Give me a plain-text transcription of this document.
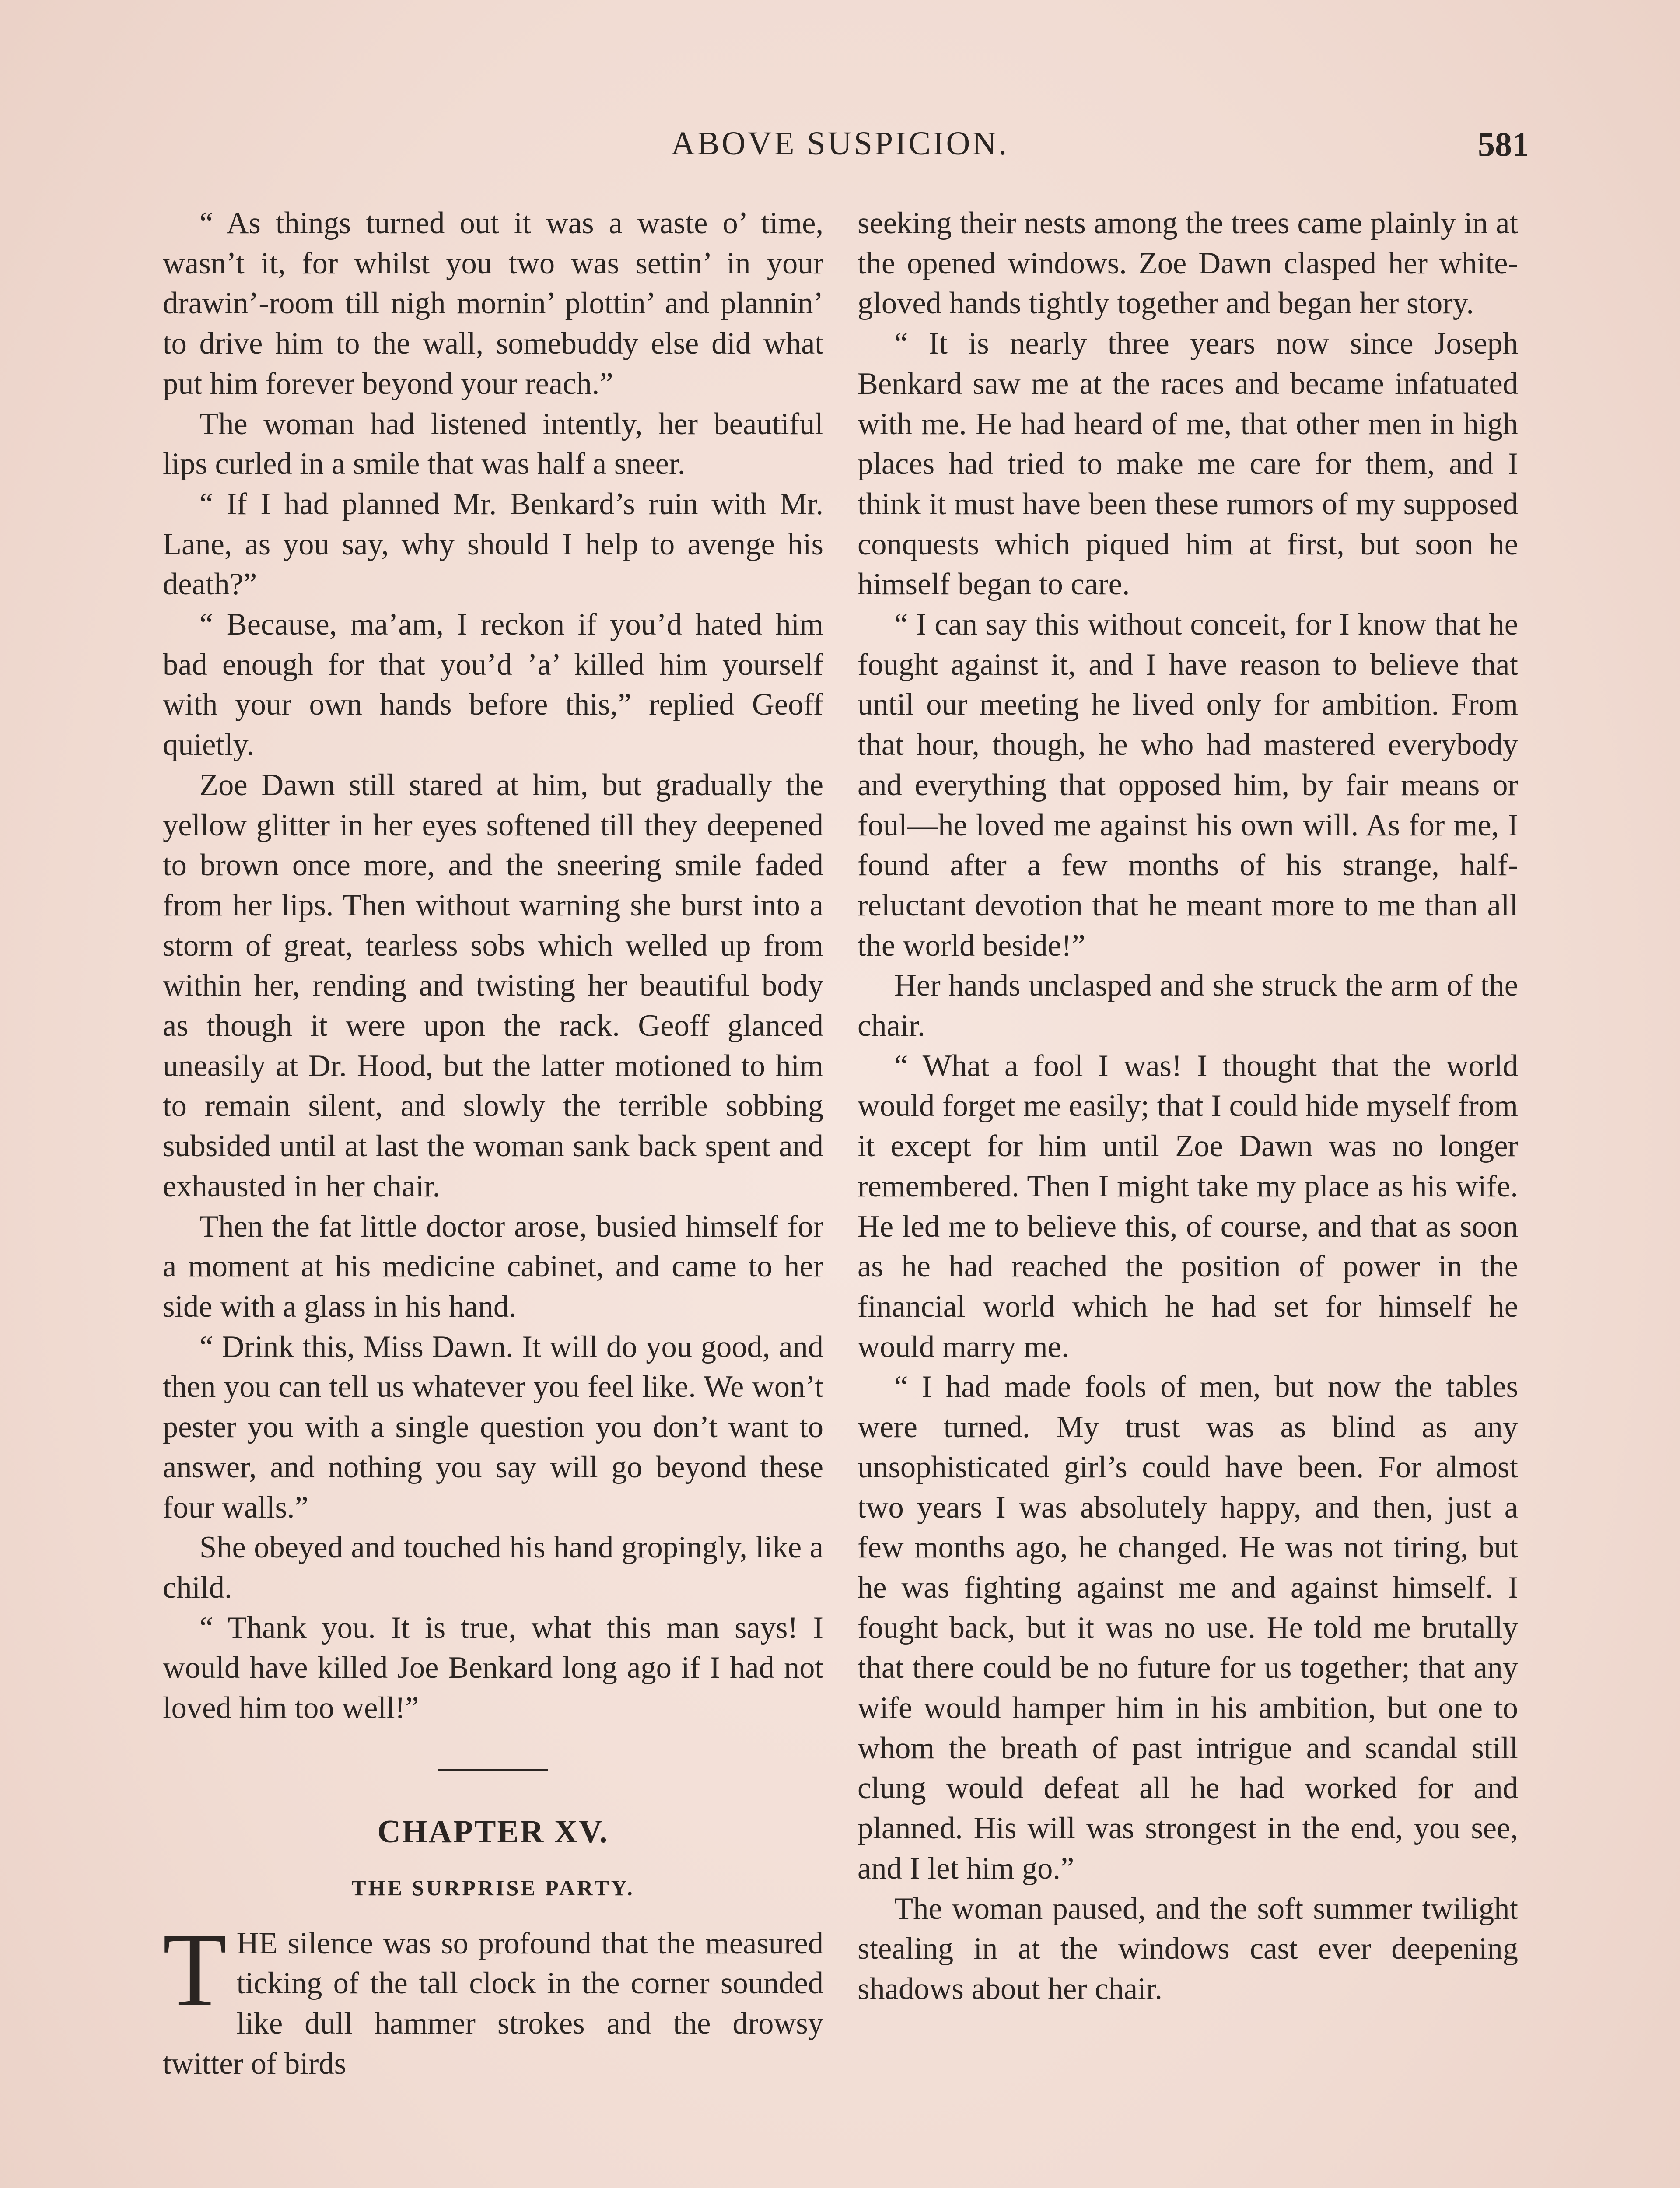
ABOVE SUSPICION.	581

“ As things turned out it was a waste o’ time, wasn’t it, for whilst you two was settin’ in your drawin’-room till nigh mornin’ plottin’ and plannin’ to drive him to the wall, somebuddy else did what put him forever beyond your reach.”

The woman had listened intently, her beautiful lips curled in a smile that was half a sneer.

“ If I had planned Mr. Benkard’s ruin with Mr. Lane, as you say, why should I help to avenge his death?”

“ Because, ma’am, I reckon if you’d hated him bad enough for that you’d ’a’ killed him yourself with your own hands before this,” replied Geoff quietly.

Zoe Dawn still stared at him, but gradually the yellow glitter in her eyes softened till they deepened to brown once more, and the sneering smile faded from her lips. Then without warning she burst into a storm of great, tearless sobs which welled up from within her, rending and twisting her beautiful body as though it were upon the rack. Geoff glanced uneasily at Dr. Hood, but the latter motioned to him to remain silent, and slowly the terrible sobbing subsided until at last the woman sank back spent and exhausted in her chair.

Then the fat little doctor arose, busied himself for a moment at his medicine cabinet, and came to her side with a glass in his hand.

“ Drink this, Miss Dawn. It will do you good, and then you can tell us whatever you feel like. We won’t pester you with a single question you don’t want to answer, and nothing you say will go beyond these four walls.”

She obeyed and touched his hand gropingly, like a child.

“ Thank you. It is true, what this man says! I would have killed Joe Benkard long ago if I had not loved him too well!”

CHAPTER XV.
THE SURPRISE PARTY.

THE silence was so profound that the measured ticking of the tall clock in the corner sounded like dull hammer strokes and the drowsy twitter of birds

seeking their nests among the trees came plainly in at the opened windows. Zoe Dawn clasped her white-gloved hands tightly together and began her story.

“ It is nearly three years now since Joseph Benkard saw me at the races and became infatuated with me. He had heard of me, that other men in high places had tried to make me care for them, and I think it must have been these rumors of my supposed conquests which piqued him at first, but soon he himself began to care.

“ I can say this without conceit, for I know that he fought against it, and I have reason to believe that until our meeting he lived only for ambition. From that hour, though, he who had mastered everybody and everything that opposed him, by fair means or foul—he loved me against his own will. As for me, I found after a few months of his strange, half-reluctant devotion that he meant more to me than all the world beside!”

Her hands unclasped and she struck the arm of the chair.

“ What a fool I was! I thought that the world would forget me easily; that I could hide myself from it except for him until Zoe Dawn was no longer remembered. Then I might take my place as his wife. He led me to believe this, of course, and that as soon as he had reached the position of power in the financial world which he had set for himself he would marry me.

“ I had made fools of men, but now the tables were turned. My trust was as blind as any unsophisticated girl’s could have been. For almost two years I was absolutely happy, and then, just a few months ago, he changed. He was not tiring, but he was fighting against me and against himself. I fought back, but it was no use. He told me brutally that there could be no future for us together; that any wife would hamper him in his ambition, but one to whom the breath of past intrigue and scandal still clung would defeat all he had worked for and planned. His will was strongest in the end, you see, and I let him go.”

The woman paused, and the soft summer twilight stealing in at the windows cast ever deepening shadows about her chair.
